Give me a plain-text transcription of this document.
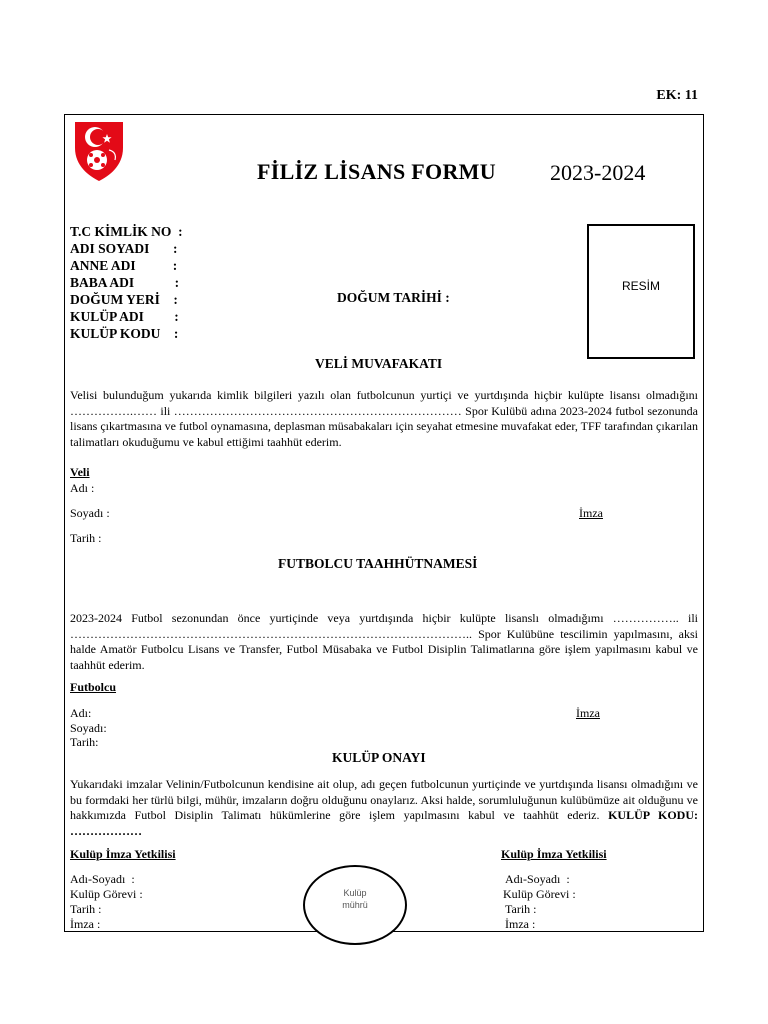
EK: 11
FİLİZ LİSANS FORMU 2023-2024
T.C KİMLİK NO  :
ADI SOYADI       :
ANNE ADI           :
BABA ADI            :
DOĞUM YERİ    :
KULÜP ADI         :
KULÜP KODU    :
DOĞUM TARİHİ :
RESİM
VELİ MUVAFAKATI
Velisi bulunduğum yukarıda kimlik bilgileri yazılı olan futbolcunun yurtiçi ve yurtdışında hiçbir kulüpte lisansı olmadığını …………….…… ili ……………………………………………………………… Spor Kulübü adına 2023-2024 futbol sezonunda lisans çıkartmasına ve futbol oynamasına, deplasman müsabakaları için seyahat etmesine muvafakat eder, TFF tarafından çıkarılan talimatları okuduğumu ve kabul ettiğimi taahhüt ederim.
Veli
Adı :
Soyadı :	İmza
Tarih :
FUTBOLCU TAAHHÜTNAMESİ
2023-2024 Futbol sezonundan önce yurtiçinde veya yurtdışında hiçbir kulüpte lisanslı olmadığımı …………….. ili ……………………………………………………………………………………….. Spor Kulübüne tescilimin yapılmasını, aksi halde Amatör Futbolcu Lisans ve Transfer, Futbol Müsabaka ve Futbol Disiplin Talimatlarına göre işlem yapılmasını kabul ve taahhüt ederim.
Futbolcu
Adı:	İmza
Soyadı:
Tarih:
KULÜP ONAYI
Yukarıdaki imzalar Velinin/Futbolcunun kendisine ait olup, adı geçen futbolcunun yurtiçinde ve yurtdışında lisansı olmadığını ve bu formdaki her türlü bilgi, mühür, imzaların doğru olduğunu onaylarız. Aksi halde, sorumluluğunun kulübümüze ait olduğunu ve hakkımızda Futbol Disiplin Talimatı hükümlerine göre işlem yapılmasını kabul ve taahhüt ederiz. KULÜP KODU: ………………
Kulüp İmza Yetkilisi
Adı-Soyadı  :
Kulüp Görevi :
Tarih :
İmza :
Kulüp İmza Yetkilisi
Adı-Soyadı  :
Kulüp Görevi :
Tarih :
İmza :
Kulüp mührü
